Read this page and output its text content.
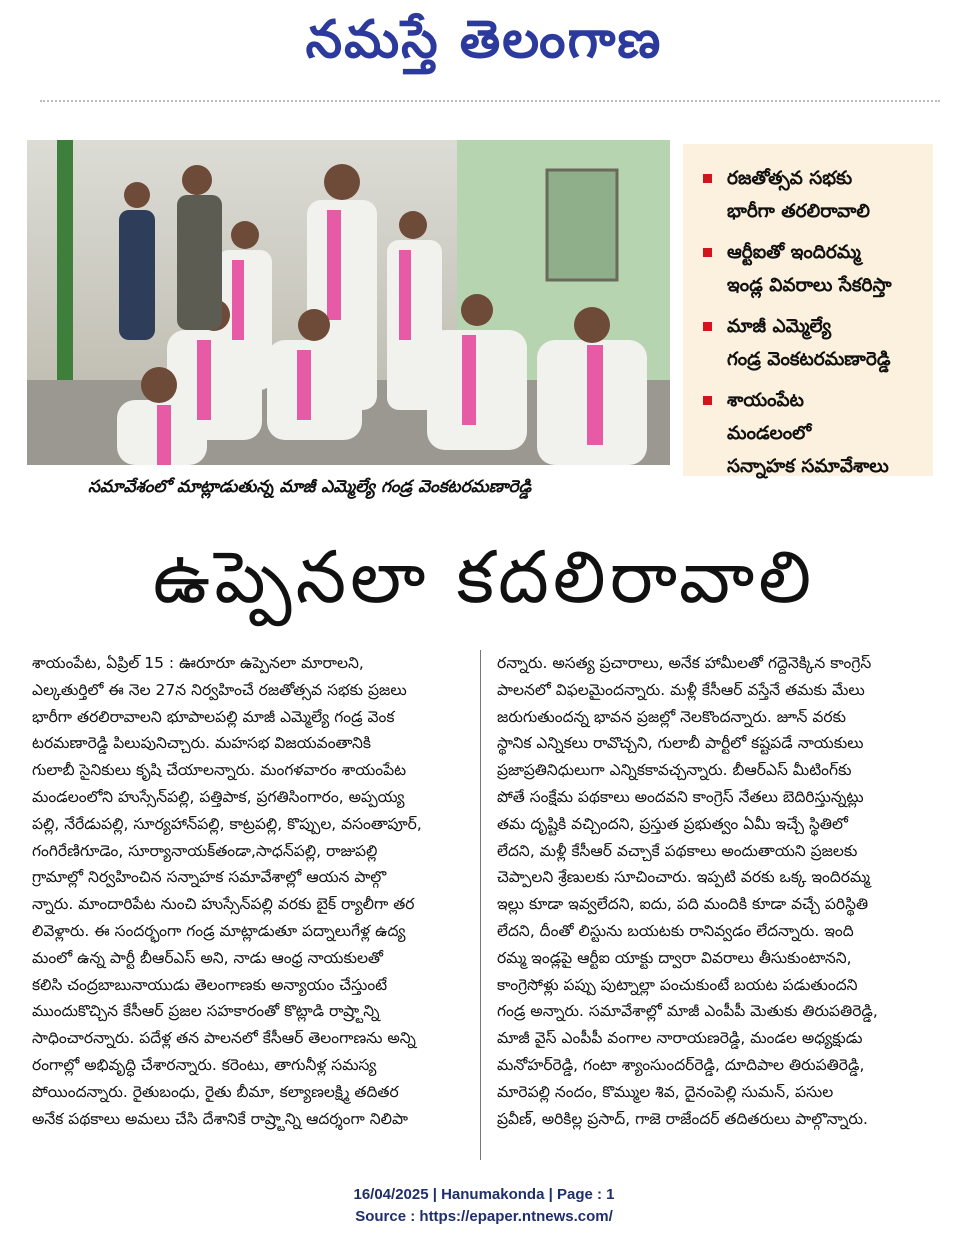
నమస్తే తెలంగాణ
రజతోత్సవ సభకు
భారీగా తరలిరావాలి
ఆర్టీఐతో ఇందిరమ్మ
ఇండ్ల వివరాలు సేకరిస్తా
మాజీ ఎమ్మెల్యే
గండ్ర వెంకటరమణారెడ్డి
శాయంపేట
మండలంలో
సన్నాహక సమావేశాలు
సమావేశంలో మాట్లాడుతున్న మాజీ ఎమ్మెల్యే గండ్ర వెంకటరమణారెడ్డి
ఉప్పెనలా కదలిరావాలి
శాయంపేట, ఏప్రిల్ 15 : ఊరూరూ ఉప్పెనలా మారాలని,
ఎల్కతుర్తిలో ఈ నెల 27న నిర్వహించే రజతోత్సవ సభకు ప్రజలు
భారీగా తరలిరావాలని భూపాలపల్లి మాజీ ఎమ్మెల్యే గండ్ర వెంక
టరమణారెడ్డి పిలుపునిచ్చారు. మహసభ విజయవంతానికి
గులాబీ సైనికులు కృషి చేయాలన్నారు. మంగళవారం శాయంపేట
మండలంలోని హుస్సేన్‌పల్లి, పత్తిపాక, ప్రగతిసింగారం, అప్పయ్య
పల్లి, నేరేడుపల్లి, సూర్యహాన్‌పల్లి, కాట్రపల్లి, కొప్పుల, వసంతాపూర్,
గంగిరేణిగూడెం, సూర్యానాయక్‌తండా,సాధన్‌పల్లి, రాజుపల్లి
గ్రామాల్లో నిర్వహించిన సన్నాహక సమావేశాల్లో ఆయన పాల్గొ
న్నారు. మాందారిపేట నుంచి హుస్సేన్‌పల్లి వరకు బైక్ ర్యాలీగా తర
లివెళ్లారు. ఈ సందర్భంగా గండ్ర మాట్లాడుతూ పద్నాలుగేళ్ల ఉద్య
మంలో ఉన్న పార్టీ బీఆర్‌ఎస్ అని, నాడు ఆంధ్ర నాయకులతో
కలిసి చంద్రబాబునాయుడు తెలంగాణకు అన్యాయం చేస్తుంటే
ముందుకొచ్చిన కేసీఆర్ ప్రజల సహకారంతో కొట్లాడి రాష్ర్టాన్ని
సాధించారన్నారు. పదేళ్ల తన పాలనలో కేసీఆర్ తెలంగాణను అన్ని
రంగాల్లో అభివృద్ధి చేశారన్నారు. కరెంటు, తాగునీళ్ల సమస్య
పోయిందన్నారు. రైతుబంధు, రైతు బీమా, కల్యాణలక్ష్మి తదితర
అనేక పథకాలు అమలు చేసి దేశానికే రాష్ర్టాన్ని ఆదర్శంగా నిలిపా
రన్నారు. అసత్య ప్రచారాలు, అనేక హామీలతో గద్దెనెక్కిన కాంగ్రెస్
పాలనలో విఫలమైందన్నారు. మళ్లీ కేసీఆర్ వస్తేనే తమకు మేలు
జరుగుతుందన్న భావన ప్రజల్లో నెలకొందన్నారు. జూన్ వరకు
స్థానిక ఎన్నికలు రావొచ్చని, గులాబీ పార్టీలో కష్టపడే నాయకులు
ప్రజాప్రతినిధులుగా ఎన్నికకావచ్చన్నారు. బీఆర్‌ఎస్ మీటింగ్‌కు
పోతే సంక్షేమ పథకాలు అందవని కాంగ్రెస్ నేతలు బెదిరిస్తున్నట్లు
తమ దృష్టికి వచ్చిందని, ప్రస్తుత ప్రభుత్వం ఏమీ ఇచ్చే స్థితిలో
లేదని, మళ్లీ కేసీఆర్ వచ్చాకే పథకాలు అందుతాయని ప్రజలకు
చెప్పాలని శ్రేణులకు సూచించారు. ఇప్పటి వరకు ఒక్క ఇందిరమ్మ
ఇల్లు కూడా ఇవ్వలేదని, ఐదు, పది మందికి కూడా వచ్చే పరిస్థితి
లేదని, దీంతో లిస్టును బయటకు రానివ్వడం లేదన్నారు. ఇంది
రమ్మ ఇండ్లపై ఆర్టీఐ యాక్టు ద్వారా వివరాలు తీసుకుంటానని,
కాంగ్రెసోళ్లు పప్పు పుట్నాల్లా పంచుకుంటే బయట పడుతుందని
గండ్ర అన్నారు. సమావేశాల్లో మాజీ ఎంపీపీ మెతుకు తిరుపతిరెడ్డి,
మాజీ వైస్ ఎంపీపీ వంగాల నారాయణరెడ్డి, మండల అధ్యక్షుడు
మనోహర్‌రెడ్డి, గంటా శ్యాంసుందర్‌రెడ్డి, దూదిపాల తిరుపతిరెడ్డి,
మారెపల్లి నందం, కొమ్ముల శివ, దైనంపెల్లి సుమన్, పసుల
ప్రవీణ్, అరికిల్ల ప్రసాద్, గాజె రాజేందర్ తదితరులు పాల్గొన్నారు.
16/04/2025 | Hanumakonda | Page : 1
Source : https://epaper.ntnews.com/
